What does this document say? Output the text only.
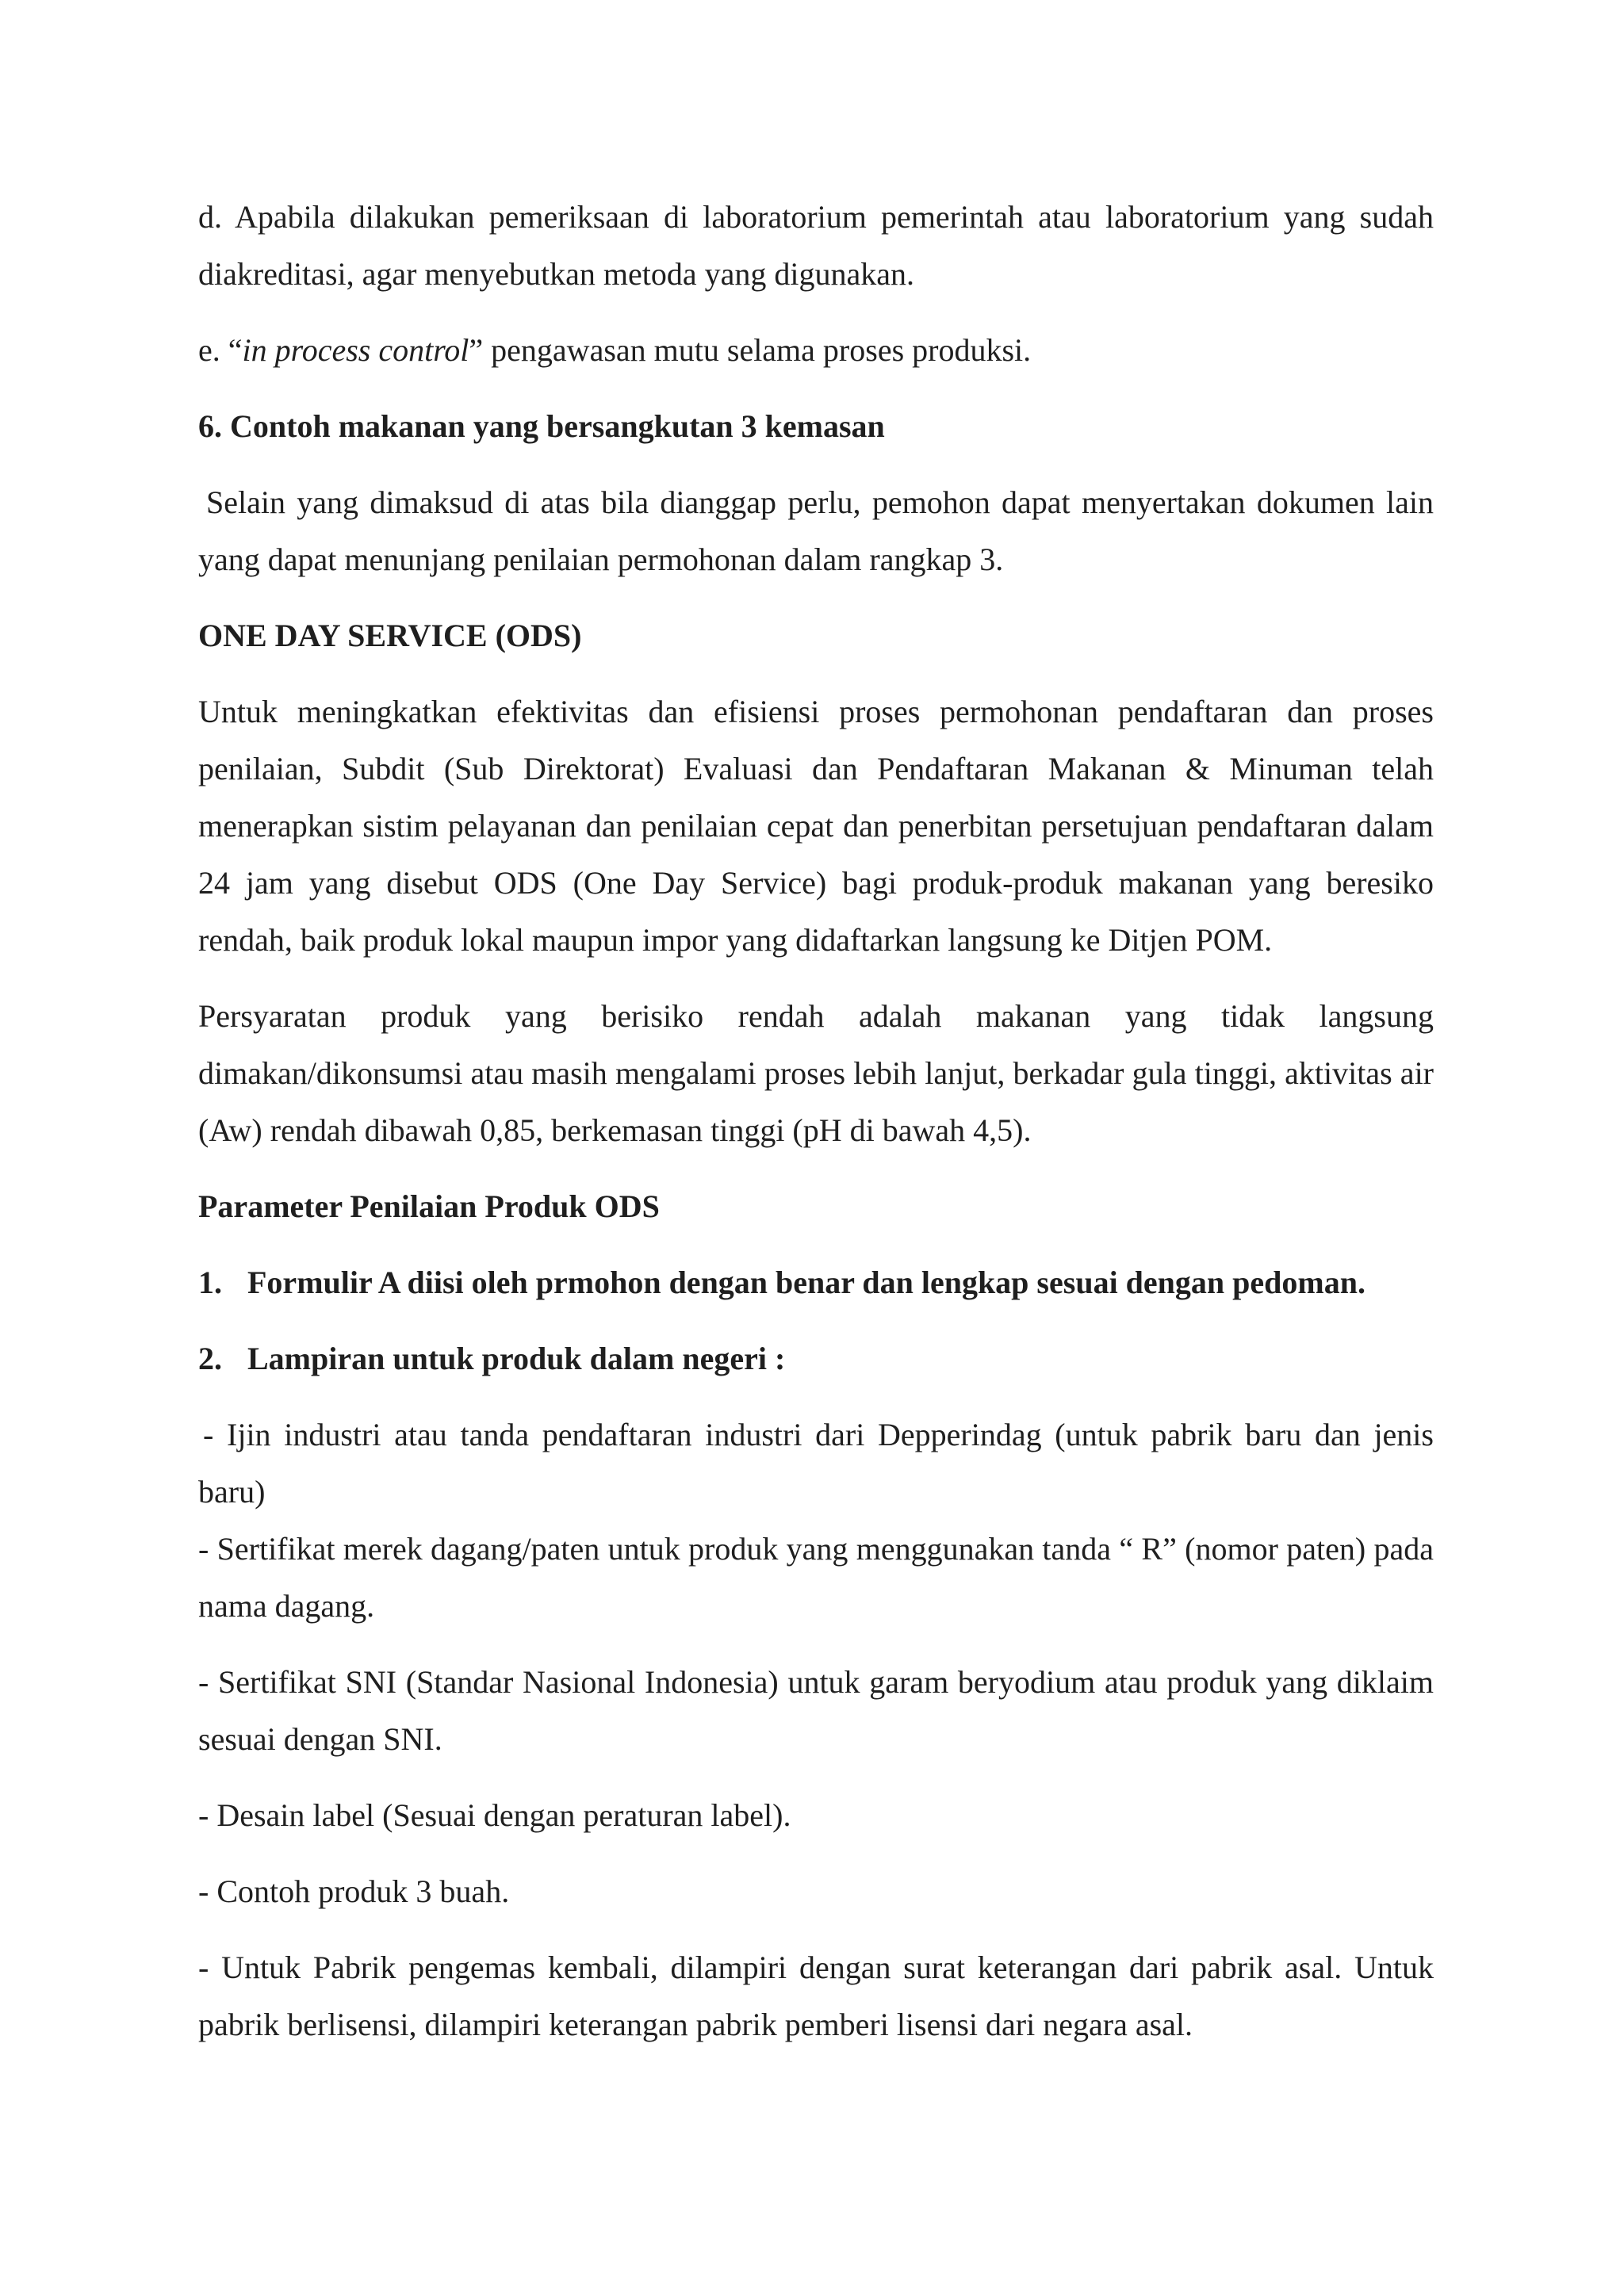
d. Apabila dilakukan pemeriksaan di laboratorium pemerintah atau laboratorium yang sudah diakreditasi, agar menyebutkan metoda yang digunakan.

e. “in process control” pengawasan mutu selama proses produksi.

6. Contoh makanan yang bersangkutan 3 kemasan

Selain yang dimaksud di atas bila dianggap perlu, pemohon dapat menyertakan dokumen lain yang dapat menunjang penilaian permohonan dalam rangkap 3.

ONE DAY SERVICE (ODS)

Untuk meningkatkan efektivitas dan efisiensi proses permohonan pendaftaran dan proses penilaian, Subdit (Sub Direktorat) Evaluasi dan Pendaftaran Makanan & Minuman telah menerapkan sistim pelayanan dan penilaian cepat dan penerbitan persetujuan pendaftaran dalam 24 jam yang disebut ODS (One Day Service) bagi produk-produk makanan yang beresiko rendah, baik produk lokal maupun impor yang didaftarkan langsung ke Ditjen POM.

Persyaratan produk yang berisiko rendah adalah makanan yang tidak langsung dimakan/dikonsumsi atau masih mengalami proses lebih lanjut, berkadar gula tinggi, aktivitas air (Aw) rendah dibawah 0,85, berkemasan tinggi (pH di bawah 4,5).

Parameter Penilaian Produk ODS

1. Formulir A diisi oleh prmohon dengan benar dan lengkap sesuai dengan pedoman.

2. Lampiran untuk produk dalam negeri :

- Ijin industri atau tanda pendaftaran industri dari Depperindag (untuk pabrik baru dan jenis baru)

- Sertifikat merek dagang/paten untuk produk yang menggunakan tanda “ R” (nomor paten) pada nama dagang.

- Sertifikat SNI (Standar Nasional Indonesia) untuk garam beryodium atau produk yang diklaim sesuai dengan SNI.

- Desain label (Sesuai dengan peraturan label).

- Contoh produk 3 buah.

- Untuk Pabrik pengemas kembali, dilampiri dengan surat keterangan dari pabrik asal. Untuk pabrik berlisensi, dilampiri keterangan pabrik pemberi lisensi dari negara asal.
